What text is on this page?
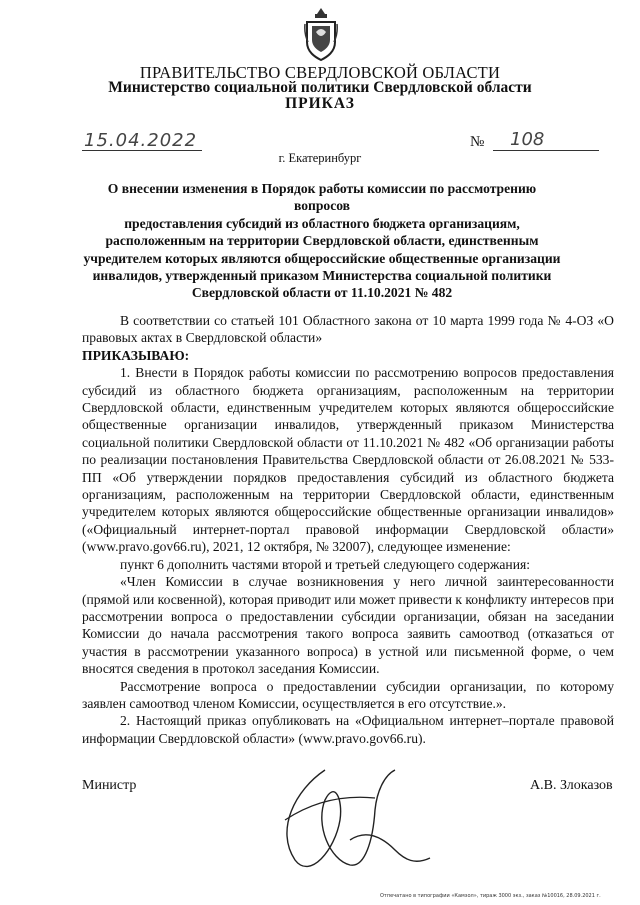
ПРАВИТЕЛЬСТВО СВЕРДЛОВСКОЙ ОБЛАСТИ
Министерство социальной политики Свердловской области
ПРИКАЗ
15.04.2022	№ 108
г. Екатеринбург
О внесении изменения в Порядок работы комиссии по рассмотрению вопросов
предоставления субсидий из областного бюджета организациям,
расположенным на территории Свердловской области, единственным
учредителем которых являются общероссийские общественные организации
инвалидов, утвержденный приказом Министерства социальной политики
Свердловской области от 11.10.2021 № 482

В соответствии со статьей 101 Областного закона от 10 марта 1999 года № 4-ОЗ «О правовых актах в Свердловской области»

ПРИКАЗЫВАЮ:

1. Внести в Порядок работы комиссии по рассмотрению вопросов предоставления субсидий из областного бюджета организациям, расположенным на территории Свердловской области, единственным учредителем которых являются общероссийские общественные организации инвалидов, утвержденный приказом Министерства социальной политики Свердловской области от 11.10.2021 № 482 «Об организации работы по реализации постановления Правительства Свердловской области от 26.08.2021 № 533-ПП «Об утверждении порядков предоставления субсидий из областного бюджета организациям, расположенным на территории Свердловской области, единственным учредителем которых являются общероссийские общественные организации инвалидов» («Официальный интернет-портал правовой информации Свердловской области» (www.pravo.gov66.ru), 2021, 12 октября, № 32007), следующее изменение:

пункт 6 дополнить частями второй и третьей следующего содержания:

«Член Комиссии в случае возникновения у него личной заинтересованности (прямой или косвенной), которая приводит или может привести к конфликту интересов при рассмотрении вопроса о предоставлении субсидии организации, обязан на заседании Комиссии до начала рассмотрения такого вопроса заявить самоотвод (отказаться от участия в рассмотрении указанного вопроса) в устной или письменной форме, о чем вносятся сведения в протокол заседания Комиссии.

Рассмотрение вопроса о предоставлении субсидии организации, по которому заявлен самоотвод членом Комиссии, осуществляется в его отсутствие.».

2. Настоящий приказ опубликовать на «Официальном интернет–портале правовой информации Свердловской области» (www.pravo.gov66.ru).

Министр	А.В. Злоказов
Отпечатано в типографии «Камзол», тираж 3000 экз., заказ №10016, 28.09.2021 г.
